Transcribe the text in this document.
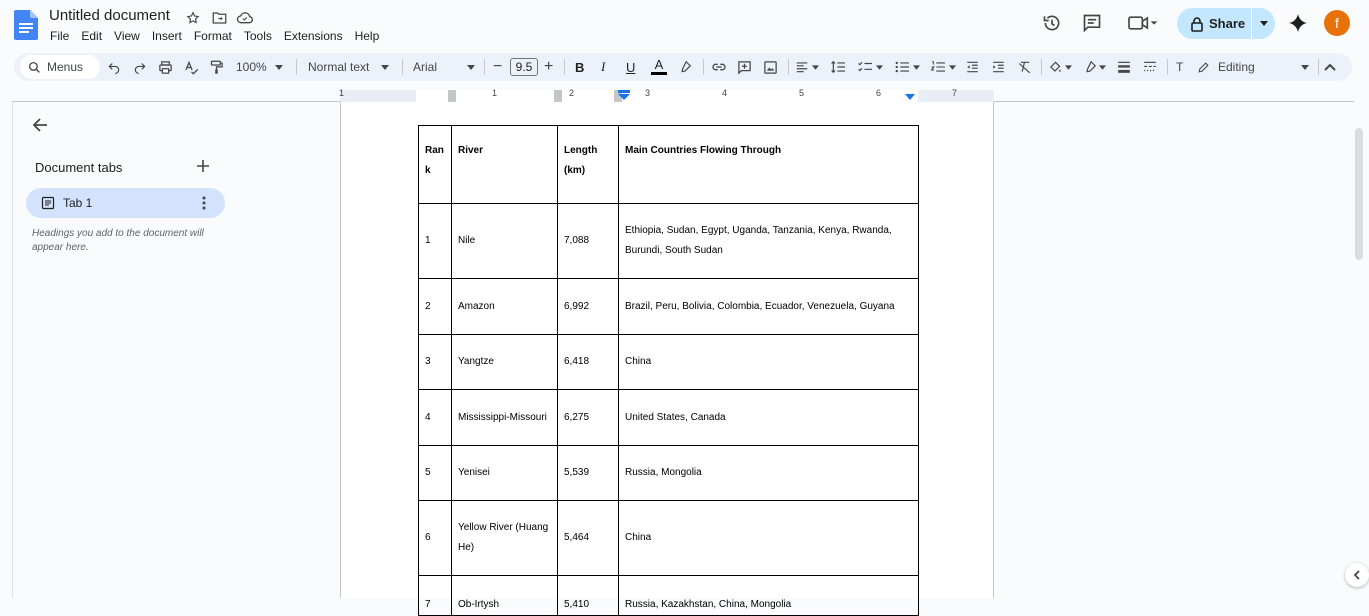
Untitled document
File	Edit	View	Insert	Format	Tools	Extensions	Help
Share	f
Menus	100%	Normal text	Arial	−	9.5 + B I U A	T	Editing
1	1	2	3	4	5	6	7
Document tabs
Tab 1
Headings you add to the document will appear here.
Ran k	River	Length (km)	Main Countries Flowing Through
1	Nile	7,088	Ethiopia, Sudan, Egypt, Uganda, Tanzania, Kenya, Rwanda, Burundi, South Sudan
2	Amazon	6,992	Brazil, Peru, Bolivia, Colombia, Ecuador, Venezuela, Guyana
3	Yangtze	6,418	China
4	Mississippi-Missouri	6,275	United States, Canada
5	Yenisei	5,539	Russia, Mongolia
6	Yellow River (Huang He)	5,464	China
7	Ob-Irtysh	5,410	Russia, Kazakhstan, China, Mongolia
